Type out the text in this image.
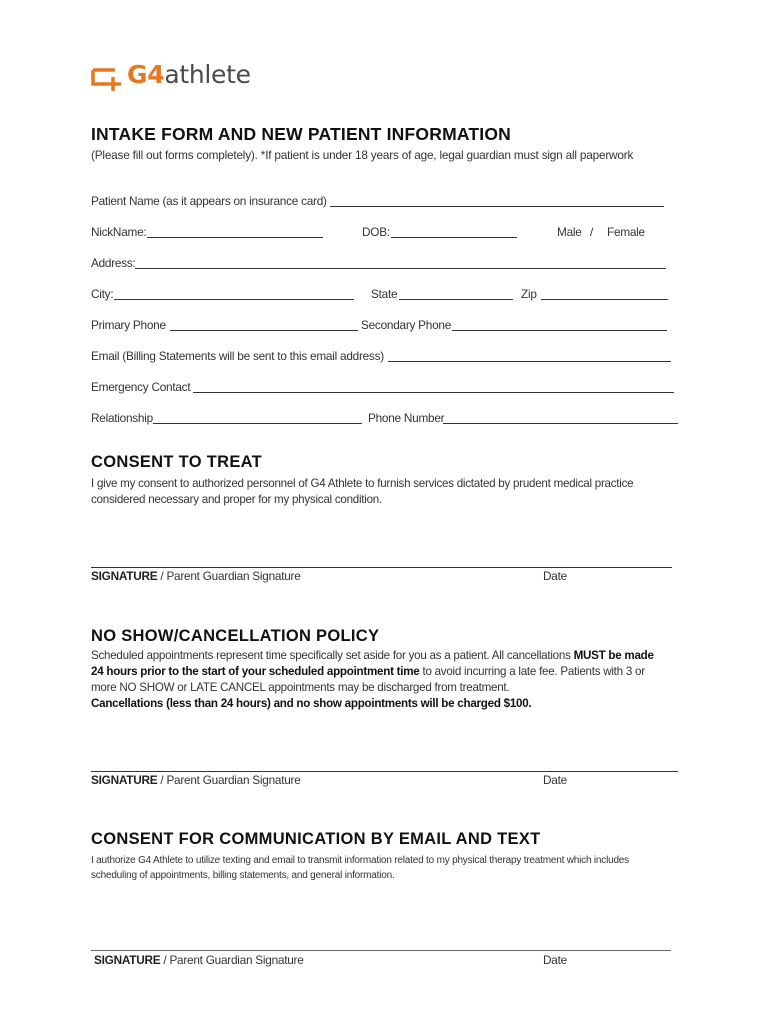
G4athlete
INTAKE FORM AND NEW PATIENT INFORMATION
(Please fill out forms completely). *If patient is under 18 years of age, legal guardian must sign all paperwork
Patient Name (as it appears on insurance card)
NickName:	DOB:	Male / Female
Address:
City:	State	Zip
Primary Phone	Secondary Phone
Email (Billing Statements will be sent to this email address)
Emergency Contact
Relationship	Phone Number
CONSENT TO TREAT
I give my consent to authorized personnel of G4 Athlete to furnish services dictated by prudent medical practice
considered necessary and proper for my physical condition.
SIGNATURE / Parent Guardian Signature	Date
NO SHOW/CANCELLATION POLICY
Scheduled appointments represent time specifically set aside for you as a patient. All cancellations MUST be made
24 hours prior to the start of your scheduled appointment time to avoid incurring a late fee. Patients with 3 or
more NO SHOW or LATE CANCEL appointments may be discharged from treatment.
Cancellations (less than 24 hours) and no show appointments will be charged $100.
SIGNATURE / Parent Guardian Signature	Date
CONSENT FOR COMMUNICATION BY EMAIL AND TEXT
I authorize G4 Athlete to utilize texting and email to transmit information related to my physical therapy treatment which includes
scheduling of appointments, billing statements, and general information.
SIGNATURE / Parent Guardian Signature	Date
